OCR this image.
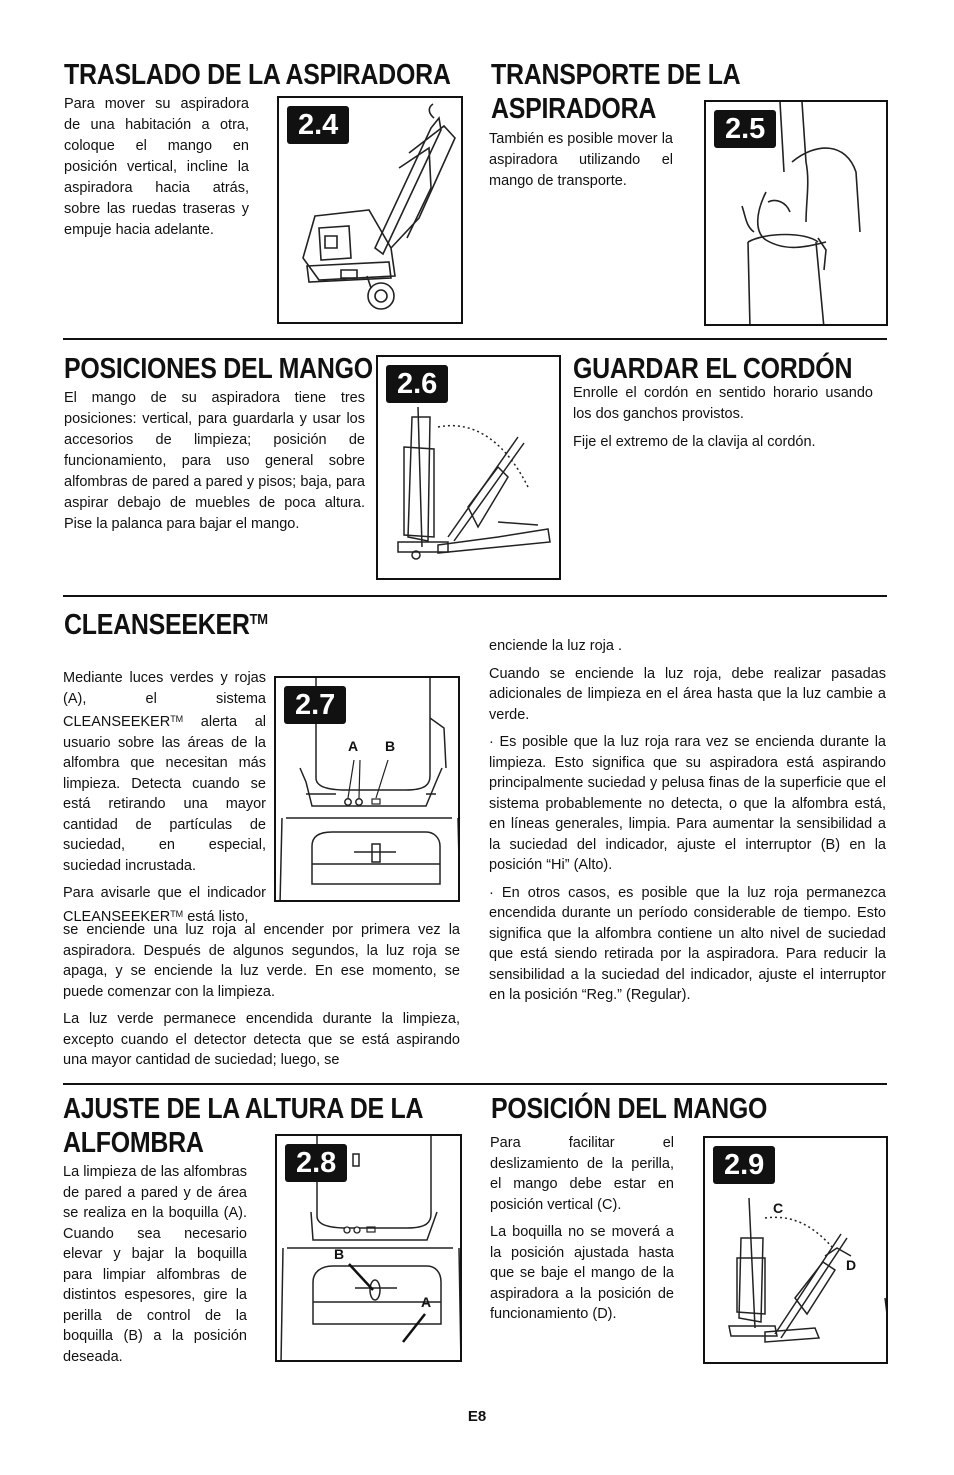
TRASLADO DE LA ASPIRADORA

Para mover su aspiradora de una habitación a otra, coloque el mango en posición vertical, incline la aspiradora hacia atrás, sobre las ruedas traseras y empuje hacia adelante.

2.4
TRANSPORTE DE LA
ASPIRADORA

También es posible mover la aspiradora utilizando el mango de transporte.

2.5
POSICIONES DEL MANGO

El mango de su aspiradora tiene tres posiciones: vertical, para guardarla y usar los accesorios de limpieza; posición de funcionamiento, para uso general sobre alfombras de pared a pared y pisos; baja, para aspirar debajo de muebles de poca altura. Pise la palanca para bajar el mango.

2.6	GUARDAR EL CORDÓN

Enrolle el cordón en sentido horario usando los dos ganchos provistos.

Fije el extremo de la clavija al cordón.

CLEANSEEKER™

Mediante luces verdes y rojas (A), el sistema CLEANSEEKER™ alerta al usuario sobre las áreas de la alfombra que necesitan más limpieza. Detecta cuando se está retirando una mayor cantidad de partículas de suciedad, en especial, suciedad incrustada.

Para avisarle que el indicador CLEANSEEKER™ está listo,

se enciende una luz roja al encender por primera vez la aspiradora. Después de algunos segundos, la luz roja se apaga, y se enciende la luz verde. En ese momento, se puede comenzar con la limpieza.

La luz verde permanece encendida durante la limpieza, excepto cuando el detector detecta que se está aspirando una mayor cantidad de suciedad; luego, se

2.7
A B

enciende la luz roja .

Cuando se enciende la luz roja, debe realizar pasadas adicionales de limpieza en el área hasta que la luz cambie a verde.

· Es posible que la luz roja rara vez se encienda durante la limpieza. Esto significa que su aspiradora está aspirando principalmente suciedad y pelusa finas de la superficie que el sistema probablemente no detecta, o que la alfombra está, en líneas generales, limpia. Para aumentar la sensibilidad a la suciedad del indicador, ajuste el interruptor (B) en la posición “Hi” (Alto).

· En otros casos, es posible que la luz roja permanezca encendida durante un período considerable de tiempo. Esto significa que la alfombra contiene un alto nivel de suciedad que está siendo retirada por la aspiradora. Para reducir la sensibilidad a la suciedad del indicador, ajuste el interruptor en la posición “Reg.” (Regular).

AJUSTE DE LA ALTURA DE LA
ALFOMBRA

La limpieza de las alfombras de pared a pared y de área se realiza en la boquilla (A). Cuando sea necesario elevar y bajar la boquilla para limpiar alfombras de distintos espesores, gire la perilla de control de la boquilla (B) a la posición deseada.

2.8
B
A
POSICIÓN DEL MANGO

Para facilitar el deslizamiento de la perilla, el mango debe estar en posición vertical (C).

La boquilla no se moverá a la posición ajustada hasta que se baje el mango de la aspiradora a la posición de funcionamiento (D).

2.9
C
D
E8
